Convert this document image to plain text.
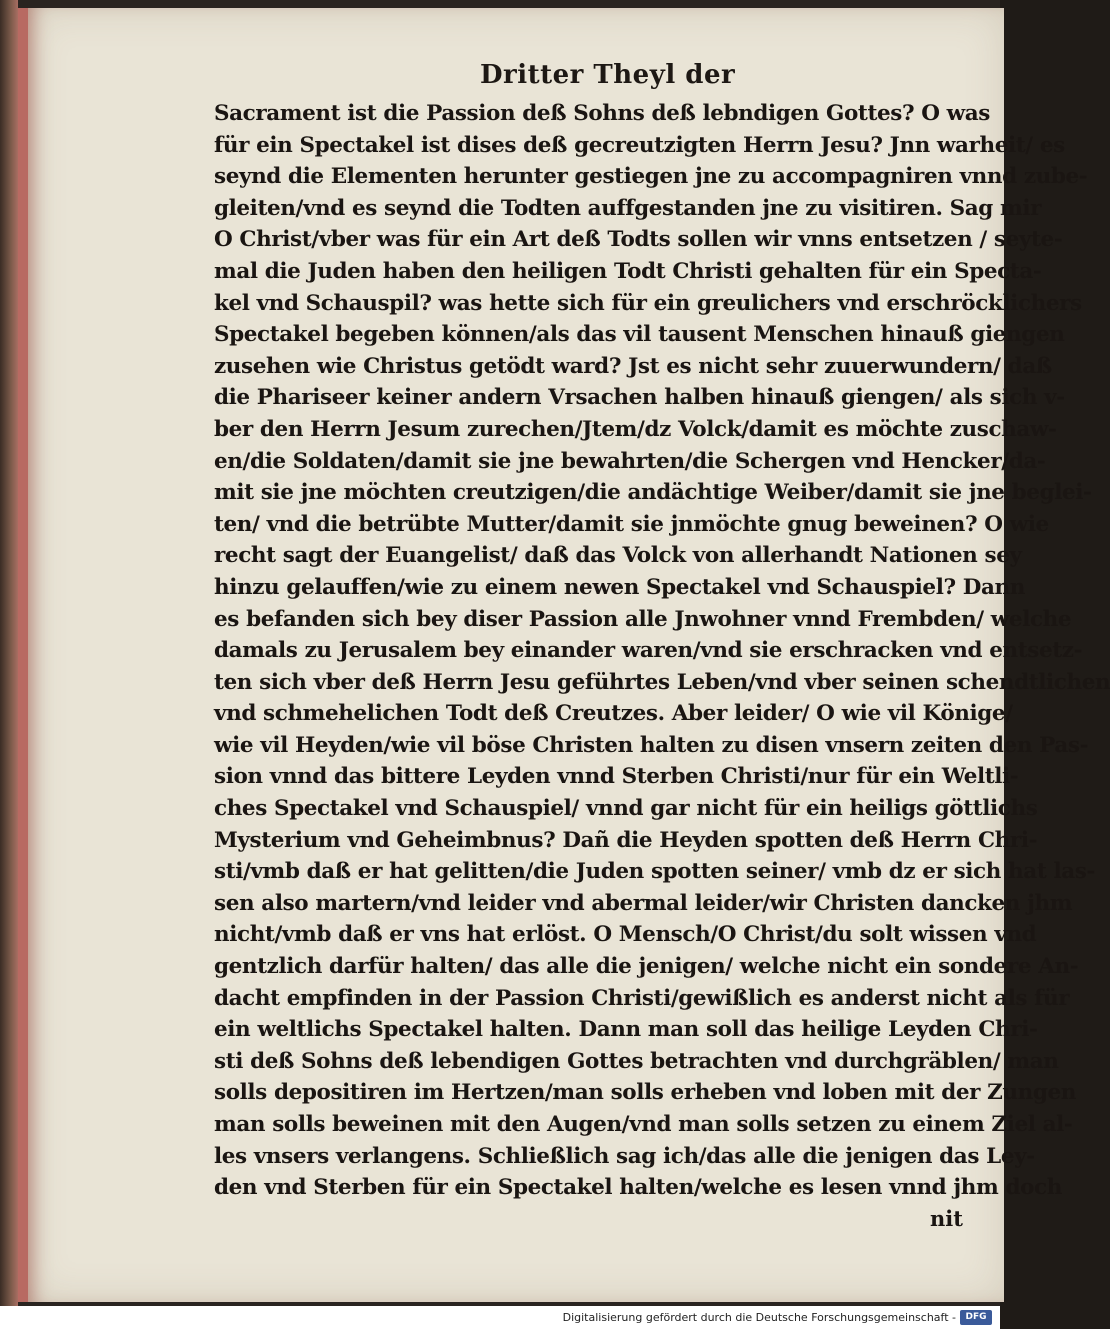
Dritter Theyl der
Sacrament ist die Passion deß Sohns deß lebndigen Gottes? O was
für ein Spectakel ist dises deß gecreutzigten Herrn Jesu? Jnn warheit/ es
seynd die Elementen herunter gestiegen jne zu accompagniren vnnd zube-
gleiten/vnd es seynd die Todten auffgestanden jne zu visitiren. Sag mir
O Christ/vber was für ein Art deß Todts sollen wir vnns entsetzen / seyte-
mal die Juden haben den heiligen Todt Christi gehalten für ein Specta-
kel vnd Schauspil? was hette sich für ein greulichers vnd erschröcklichers
Spectakel begeben können/als das vil tausent Menschen hinauß giengen
zusehen wie Christus getödt ward? Jst es nicht sehr zuuerwundern/ daß
die Phariseer keiner andern Vrsachen halben hinauß giengen/ als sich v-
ber den Herrn Jesum zurechen/Jtem/dz Volck/damit es möchte zuschaw-
en/die Soldaten/damit sie jne bewahrten/die Schergen vnd Hencker/da-
mit sie jne möchten creutzigen/die andächtige Weiber/damit sie jne beglei-
ten/ vnd die betrübte Mutter/damit sie jnmöchte gnug beweinen? O wie
recht sagt der Euangelist/ daß das Volck von allerhandt Nationen sey
hinzu gelauffen/wie zu einem newen Spectakel vnd Schauspiel? Dann
es befanden sich bey diser Passion alle Jnwohner vnnd Frembden/ welche
damals zu Jerusalem bey einander waren/vnd sie erschracken vnd entsetz-
ten sich vber deß Herrn Jesu geführtes Leben/vnd vber seinen schendtlichen
vnd schmehelichen Todt deß Creutzes. Aber leider/ O wie vil Könige/
wie vil Heyden/wie vil böse Christen halten zu disen vnsern zeiten den Pas-
sion vnnd das bittere Leyden vnnd Sterben Christi/nur für ein Weltli-
ches Spectakel vnd Schauspiel/ vnnd gar nicht für ein heiligs göttlichs
Mysterium vnd Geheimbnus? Dañ die Heyden spotten deß Herrn Chri-
sti/vmb daß er hat gelitten/die Juden spotten seiner/ vmb dz er sich hat las-
sen also martern/vnd leider vnd abermal leider/wir Christen dancken jhm
nicht/vmb daß er vns hat erlöst. O Mensch/O Christ/du solt wissen vnd
gentzlich darfür halten/ das alle die jenigen/ welche nicht ein sondere An-
dacht empfinden in der Passion Christi/gewißlich es anderst nicht als für
ein weltlichs Spectakel halten. Dann man soll das heilige Leyden Chri-
sti deß Sohns deß lebendigen Gottes betrachten vnd durchgräblen/ man
solls depositiren im Hertzen/man solls erheben vnd loben mit der Zungen
man solls beweinen mit den Augen/vnd man solls setzen zu einem Ziel al-
les vnsers verlangens. Schließlich sag ich/das alle die jenigen das Ley-
den vnd Sterben für ein Spectakel halten/welche es lesen vnnd jhm doch
nit
Digitalisierung gefördert durch die Deutsche Forschungsgemeinschaft -	DFG
